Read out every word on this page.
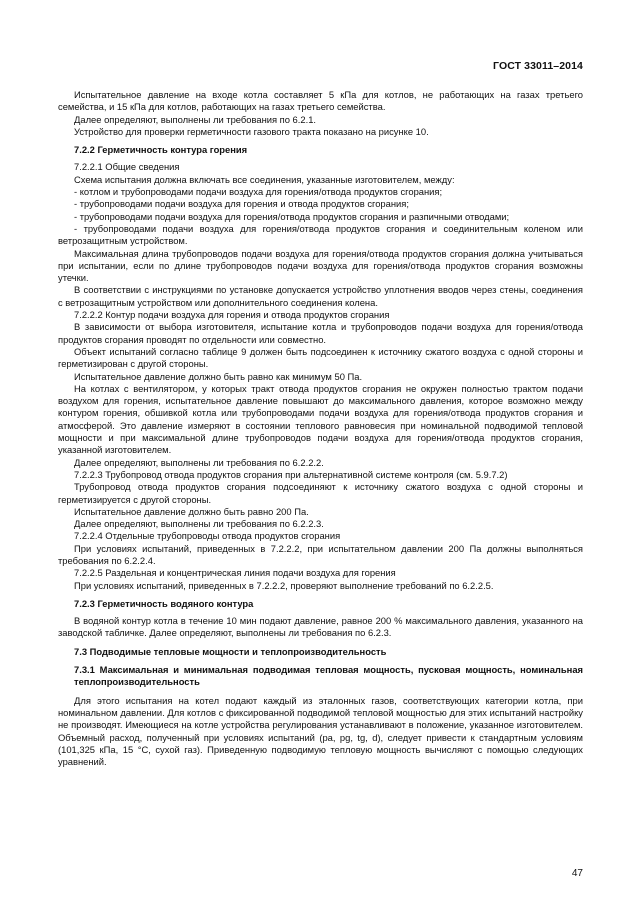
ГОСТ 33011–2014

Испытательное давление на входе котла составляет 5 кПа для котлов, не работающих на газах третьего семейства, и 15 кПа для котлов, работающих на газах третьего семейства.

Далее определяют, выполнены ли требования по 6.2.1.

Устройство для проверки герметичности газового тракта показано на рисунке 10.

7.2.2 Герметичность контура горения

7.2.2.1 Общие сведения

Схема испытания должна включать все соединения, указанные изготовителем, между:

- котлом и трубопроводами подачи воздуха для горения/отвода продуктов сгорания;

- трубопроводами подачи воздуха для горения и отвода продуктов сгорания;

- трубопроводами подачи воздуха для горения/отвода продуктов сгорания и разпичными отводами;

- трубопроводами подачи воздуха для горения/отвода продуктов сгорания и соединительным коленом или ветрозащитным устройством.

Максимальная длина трубопроводов подачи воздуха для горения/отвода продуктов сгорания должна учитываться при испытании, если по длине трубопроводов подачи воздуха для горения/отвода продуктов сгорания возможны утечки.

В соответствии с инструкциями по установке допускается устройство уплотнения вводов через стены, соединения с ветрозащитным устройством или дополнительного соединения колена.

7.2.2.2 Контур подачи воздуха для горения и отвода продуктов сгорания

В зависимости от выбора изготовителя, испытание котла и трубопроводов подачи воздуха для горения/отвода продуктов сгорания проводят по отдельности или совместно.

Объект испытаний согласно таблице 9 должен быть подсоединен к источнику сжатого воздуха с одной стороны и герметизирован с другой стороны.

Испытательное давление должно быть равно как минимум 50 Па.

На котлах с вентилятором, у которых тракт отвода продуктов сгорания не окружен полностью трактом подачи воздухом для горения, испытательное давление повышают до максимального давления, которое возможно между контуром горения, обшивкой котла или трубопроводами подачи воздуха для горения/отвода продуктов сгорания и атмосферой. Это давление измеряют в состоянии теплового равновесия при номинальной подводимой тепловой мощности и при максимальной длине трубопроводов подачи воздуха для горения/отвода продуктов сгорания, указанной изготовителем.

Далее определяют, выполнены ли требования по 6.2.2.2.

7.2.2.3 Трубопровод отвода продуктов сгорания при альтернативной системе контроля (см. 5.9.7.2)

Трубопровод отвода продуктов сгорания подсоединяют к источнику сжатого воздуха с одной стороны и герметизируется с другой стороны.

Испытательное давление должно быть равно 200 Па.

Далее определяют, выполнены ли требования по 6.2.2.3.

7.2.2.4 Отдельные трубопроводы отвода продуктов сгорания

При условиях испытаний, приведенных в 7.2.2.2, при испытательном давлении 200 Па должны выполняться требования по 6.2.2.4.

7.2.2.5 Раздельная и концентрическая линия подачи воздуха для горения

При условиях испытаний, приведенных в 7.2.2.2, проверяют выполнение требований по 6.2.2.5.

7.2.3 Герметичность водяного контура

В водяной контур котла в течение 10 мин подают давление, равное 200 % максимального давления, указанного на заводской табличке. Далее определяют, выполнены ли требования по 6.2.3.

7.3 Подводимые тепловые мощности и теплопроизводительность

7.3.1 Максимальная и минимальная подводимая тепловая мощность, пусковая мощность, номинальная теплопроизводительность

Для этого испытания на котел подают каждый из эталонных газов, соответствующих категории котла, при номинальном давлении. Для котлов с фиксированной подводимой тепловой мощностью для этих испытаний настройку не производят. Имеющиеся на котле устройства регулирования устанавливают в положение, указанное изготовителем. Объемный расход, полученный при условиях испытаний (pa, pg, tg, d), следует привести к стандартным условиям (101,325 кПа, 15 °С, сухой газ). Приведенную подводимую тепловую мощность вычисляют с помощью следующих уравнений.

47
